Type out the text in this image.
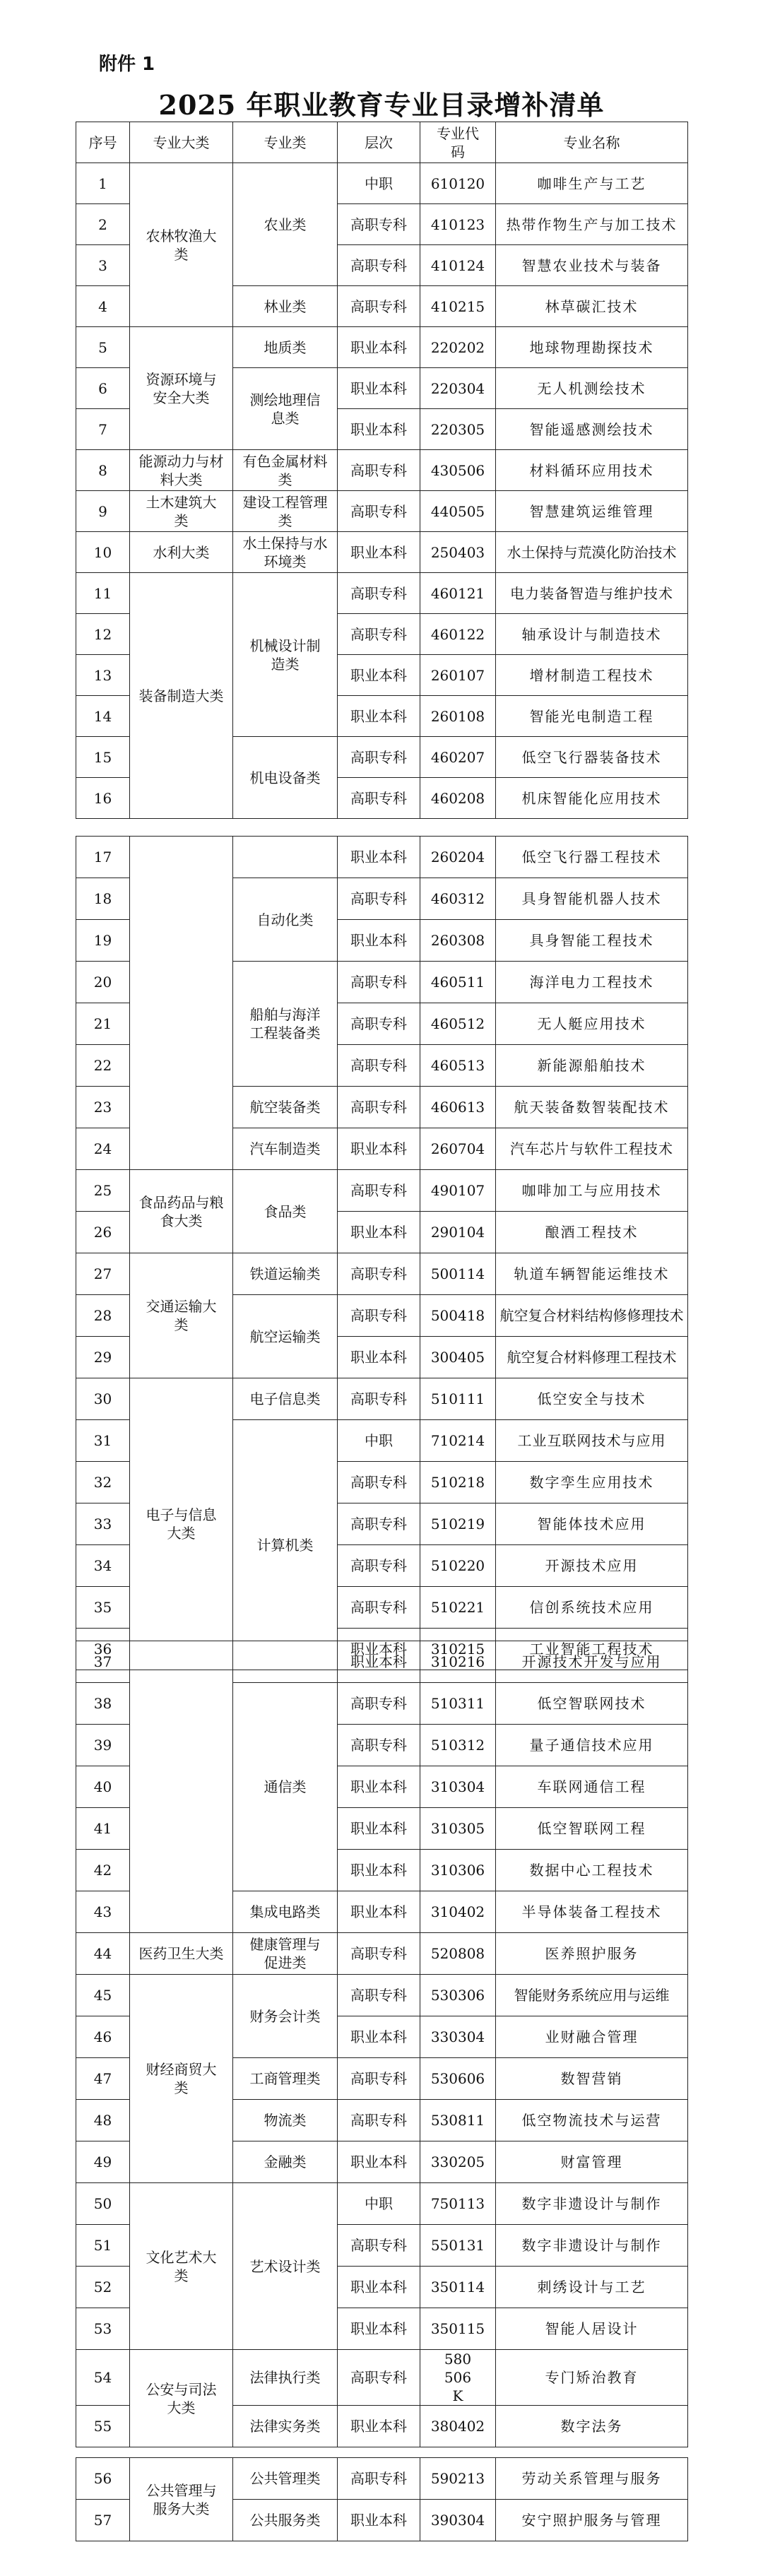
附件 1
2025 年职业教育专业目录增补清单
序号	专业大类	专业类	层次	专业代码	专业名称
1	农林牧渔大类	农业类	中职	610120	咖啡生产与工艺
2			高职专科	410123	热带作物生产与加工技术
3			高职专科	410124	智慧农业技术与装备
4		林业类	高职专科	410215	林草碳汇技术
5	资源环境与安全大类	地质类	职业本科	220202	地球物理勘探技术
6		测绘地理信息类	职业本科	220304	无人机测绘技术
7			职业本科	220305	智能遥感测绘技术
8	能源动力与材料大类	有色金属材料类	高职专科	430506	材料循环应用技术
9	土木建筑大类	建设工程管理类	高职专科	440505	智慧建筑运维管理
10	水利大类	水土保持与水环境类	职业本科	250403	水土保持与荒漠化防治技术
11	装备制造大类	机械设计制造类	高职专科	460121	电力装备智造与维护技术
12			高职专科	460122	轴承设计与制造技术
13			职业本科	260107	增材制造工程技术
14			职业本科	260108	智能光电制造工程
15		机电设备类	高职专科	460207	低空飞行器装备技术
16			高职专科	460208	机床智能化应用技术
17			职业本科	260204	低空飞行器工程技术
18		自动化类	高职专科	460312	具身智能机器人技术
19			职业本科	260308	具身智能工程技术
20		船舶与海洋工程装备类	高职专科	460511	海洋电力工程技术
21			高职专科	460512	无人艇应用技术
22			高职专科	460513	新能源船舶技术
23		航空装备类	高职专科	460613	航天装备数智装配技术
24		汽车制造类	职业本科	260704	汽车芯片与软件工程技术
25	食品药品与粮食大类	食品类	高职专科	490107	咖啡加工与应用技术
26			职业本科	290104	酿酒工程技术
27	交通运输大类	铁道运输类	高职专科	500114	轨道车辆智能运维技术
28		航空运输类	高职专科	500418	航空复合材料结构修修理技术
29			职业本科	300405	航空复合材料修理工程技术
30	电子与信息大类	电子信息类	高职专科	510111	低空安全与技术
31		计算机类	中职	710214	工业互联网技术与应用
32			高职专科	510218	数字孪生应用技术
33			高职专科	510219	智能体技术应用
34			高职专科	510220	开源技术应用
35			高职专科	510221	信创系统技术应用
36			职业本科	310215	工业智能工程技术
37			职业本科	310216	开源技术开发与应用
38		通信类	高职专科	510311	低空智联网技术
39			高职专科	510312	量子通信技术应用
40			职业本科	310304	车联网通信工程
41			职业本科	310305	低空智联网工程
42			职业本科	310306	数据中心工程技术
43		集成电路类	职业本科	310402	半导体装备工程技术
44	医药卫生大类	健康管理与促进类	高职专科	520808	医养照护服务
45	财经商贸大类	财务会计类	高职专科	530306	智能财务系统应用与运维
46			职业本科	330304	业财融合管理
47		工商管理类	高职专科	530606	数智营销
48		物流类	高职专科	530811	低空物流技术与运营
49		金融类	职业本科	330205	财富管理
50	文化艺术大类	艺术设计类	中职	750113	数字非遗设计与制作
51			高职专科	550131	数字非遗设计与制作
52			职业本科	350114	刺绣设计与工艺
53			职业本科	350115	智能人居设计
54	公安与司法大类	法律执行类	高职专科	580506K	专门矫治教育
55		法律实务类	职业本科	380402	数字法务
56	公共管理与服务大类	公共管理类	高职专科	590213	劳动关系管理与服务
57		公共服务类	职业本科	390304	安宁照护服务与管理
